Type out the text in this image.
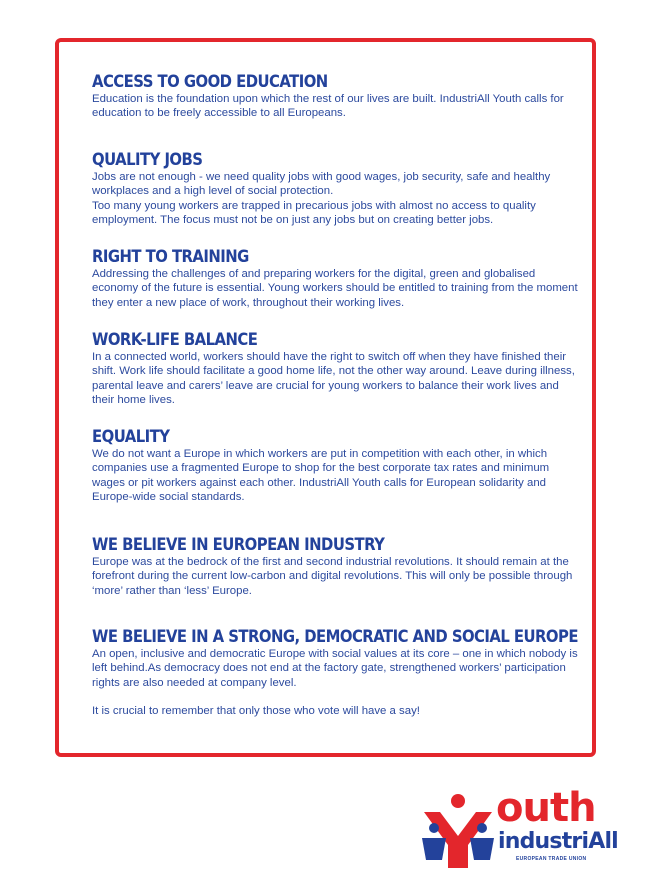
ACCESS TO GOOD EDUCATION

Education is the foundation upon which the rest of our lives are built. IndustriAll Youth calls for education to be freely accessible to all Europeans.

QUALITY JOBS

Jobs are not enough - we need quality jobs with good wages, job security, safe and healthy workplaces and a high level of social protection.

Too many young workers are trapped in precarious jobs with almost no access to quality employment. The focus must not be on just any jobs but on creating better jobs.

RIGHT TO TRAINING

Addressing the challenges of and preparing workers for the digital, green and globalised economy of the future is essential. Young workers should be entitled to training from the moment they enter a new place of work, throughout their working lives.

WORK-LIFE BALANCE

In a connected world, workers should have the right to switch off when they have finished their shift. Work life should facilitate a good home life, not the other way around. Leave during illness, parental leave and carers’ leave are crucial for young workers to balance their work lives and their home lives.

EQUALITY

We do not want a Europe in which workers are put in competition with each other, in which companies use a fragmented Europe to shop for the best corporate tax rates and minimum wages or pit workers against each other. IndustriAll Youth calls for European solidarity and Europe-wide social standards.

WE BELIEVE IN EUROPEAN INDUSTRY

Europe was at the bedrock of the first and second industrial revolutions. It should remain at the forefront during the current low-carbon and digital revolutions. This will only be possible through ‘more’ rather than ‘less’ Europe.

WE BELIEVE IN A STRONG, DEMOCRATIC AND SOCIAL EUROPE

An open, inclusive and democratic Europe with social values at its core – one in which nobody is left behind.As democracy does not end at the factory gate, strengthened workers’ participation rights are also needed at company level.

It is crucial to remember that only those who vote will have a say!

outh
industriAll
EUROPEAN TRADE UNION
